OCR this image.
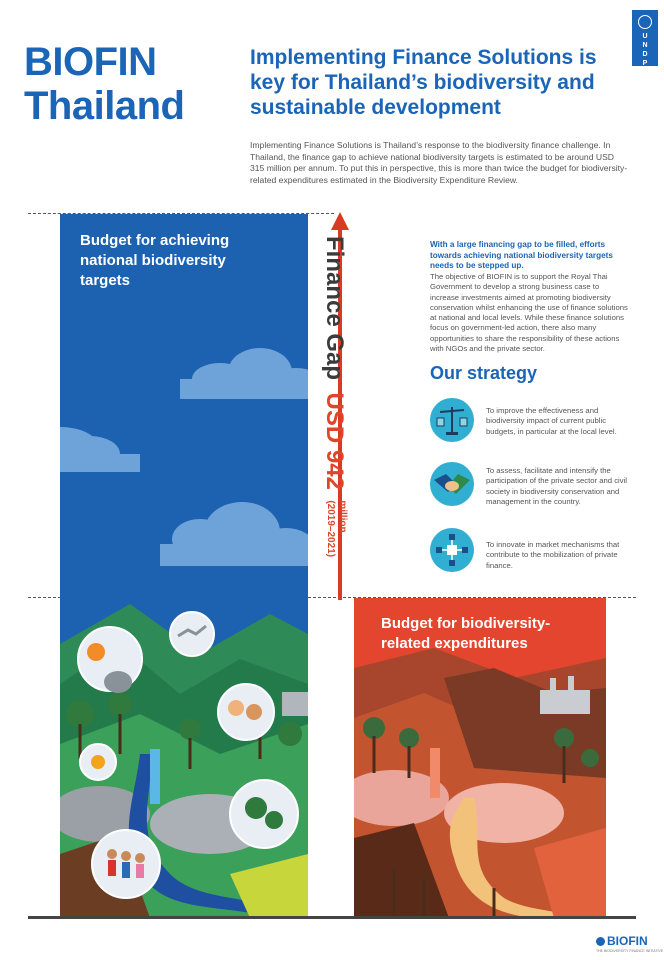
BIOFIN
Thailand
Implementing Finance Solutions is key for Thailand’s biodiversity and sustainable development
Implementing Finance Solutions is Thailand’s response to the biodiversity finance challenge. In Thailand, the finance gap to achieve national biodiversity targets is estimated to be around USD 315 million per annum. To put this in perspective, this is more than twice the budget for biodiversity-related expenditures estimated in the Biodiversity Expenditure Review.
U
N
D
P
Budget for achieving national biodiversity targets
Budget for biodiversity-related expenditures
Finance Gap USD 942 million
(2019–2021)
With a large financing gap to be filled, efforts towards achieving national biodiversity targets needs to be stepped up.
The objective of BIOFIN is to support the Royal Thai Government to develop a strong business case to increase investments aimed at promoting biodiversity conservation whilst enhancing the use of finance solutions at national and local levels. While these finance solutions focus on government-led action, there also many opportunities to share the responsibility of these actions with NGOs and the private sector.
Our strategy
To improve the effectiveness and biodiversity impact of current public budgets, in particular at the local level.
To assess, facilitate and intensify the participation of the private sector and civil society in biodiversity conservation and management in the country.
To innovate in market mechanisms that contribute to the mobilization of private finance.
BIOFIN
THE BIODIVERSITY FINANCE INITIATIVE
